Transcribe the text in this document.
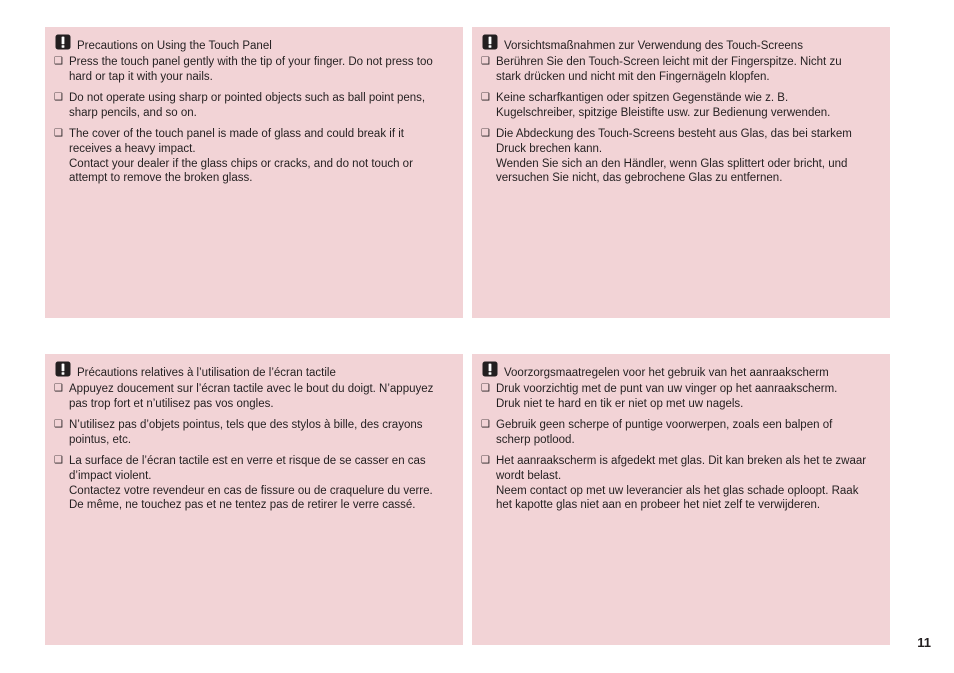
Precautions on Using the Touch Panel
❑ Press the touch panel gently with the tip of your finger. Do not press too
hard or tap it with your nails.
❑ Do not operate using sharp or pointed objects such as ball point pens,
sharp pencils, and so on.
❑ The cover of the touch panel is made of glass and could break if it
receives a heavy impact.
Contact your dealer if the glass chips or cracks, and do not touch or
attempt to remove the broken glass.
Vorsichtsmaßnahmen zur Verwendung des Touch-Screens
❑ Berühren Sie den Touch-Screen leicht mit der Fingerspitze. Nicht zu
stark drücken und nicht mit den Fingernägeln klopfen.
❑ Keine scharfkantigen oder spitzen Gegenstände wie z. B.
Kugelschreiber, spitzige Bleistifte usw. zur Bedienung verwenden.
❑ Die Abdeckung des Touch-Screens besteht aus Glas, das bei starkem
Druck brechen kann.
Wenden Sie sich an den Händler, wenn Glas splittert oder bricht, und
versuchen Sie nicht, das gebrochene Glas zu entfernen.
Précautions relatives à l’utilisation de l’écran tactile
❑ Appuyez doucement sur l’écran tactile avec le bout du doigt. N’appuyez
pas trop fort et n’utilisez pas vos ongles.
❑ N’utilisez pas d’objets pointus, tels que des stylos à bille, des crayons
pointus, etc.
❑ La surface de l’écran tactile est en verre et risque de se casser en cas
d’impact violent.
Contactez votre revendeur en cas de fissure ou de craquelure du verre.
De même, ne touchez pas et ne tentez pas de retirer le verre cassé.
Voorzorgsmaatregelen voor het gebruik van het aanraakscherm
❑ Druk voorzichtig met de punt van uw vinger op het aanraakscherm.
Druk niet te hard en tik er niet op met uw nagels.
❑ Gebruik geen scherpe of puntige voorwerpen, zoals een balpen of
scherp potlood.
❑ Het aanraakscherm is afgedekt met glas. Dit kan breken als het te zwaar
wordt belast.
Neem contact op met uw leverancier als het glas schade oploopt. Raak
het kapotte glas niet aan en probeer het niet zelf te verwijderen.
11
